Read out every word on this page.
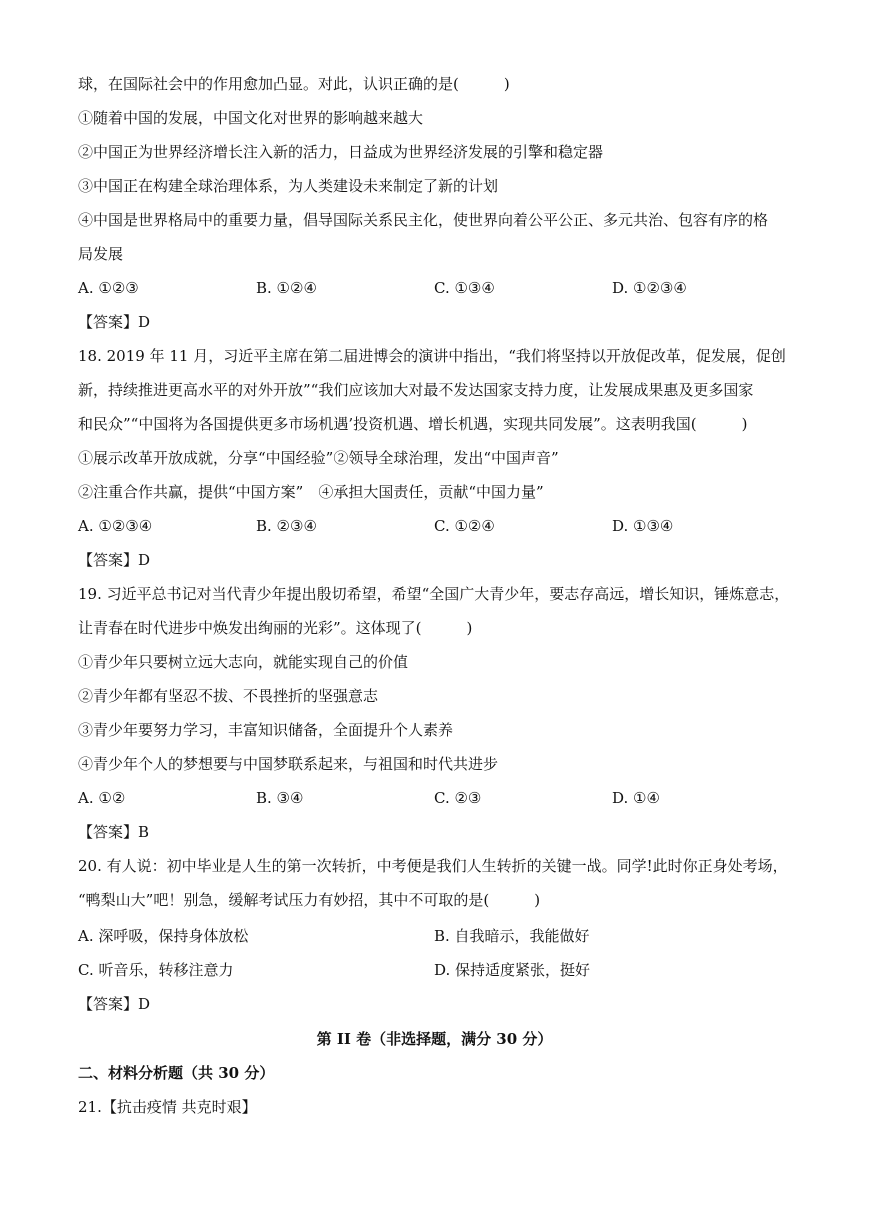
球，在国际社会中的作用愈加凸显。对此，认识正确的是(　　　)
①随着中国的发展，中国文化对世界的影响越来越大
②中国正为世界经济增长注入新的活力，日益成为世界经济发展的引擎和稳定器
③中国正在构建全球治理体系，为人类建设未来制定了新的计划
④中国是世界格局中的重要力量，倡导国际关系民主化，使世界向着公平公正、多元共治、包容有序的格
局发展
A. ①②③	B. ①②④	C. ①③④	D. ①②③④
【答案】D
18. 2019 年 11 月，习近平主席在第二届进博会的演讲中指出，“我们将坚持以开放促改革，促发展，促创
新，持续推进更高水平的对外开放”“我们应该加大对最不发达国家支持力度，让发展成果惠及更多国家
和民众”“中国将为各国提供更多市场机遇’投资机遇、增长机遇，实现共同发展”。这表明我国(　　　)
①展示改革开放成就，分享“中国经验”②领导全球治理，发出“中国声音”
②注重合作共赢，提供“中国方案”　④承担大国责任，贡献“中国力量”
A. ①②③④	B. ②③④	C. ①②④	D. ①③④
【答案】D
19. 习近平总书记对当代青少年提出殷切希望，希望“全国广大青少年，要志存高远，增长知识，锤炼意志，
让青春在时代进步中焕发出绚丽的光彩”。这体现了(　　　)
①青少年只要树立远大志向，就能实现自己的价值
②青少年都有坚忍不拔、不畏挫折的坚强意志
③青少年要努力学习，丰富知识储备，全面提升个人素养
④青少年个人的梦想要与中国梦联系起来，与祖国和时代共进步
A. ①②	B. ③④	C. ②③	D. ①④
【答案】B
20. 有人说：初中毕业是人生的第一次转折，中考便是我们人生转折的关键一战。同学!此时你正身处考场，
“鸭梨山大”吧！别急，缓解考试压力有妙招，其中不可取的是(　　　)
A. 深呼吸，保持身体放松	B. 自我暗示，我能做好
C. 听音乐，转移注意力	D. 保持适度紧张，挺好
【答案】D
第 II 卷（非选择题，满分 30 分）
二、材料分析题（共 30 分）
21.【抗击疫情 共克时艰】
